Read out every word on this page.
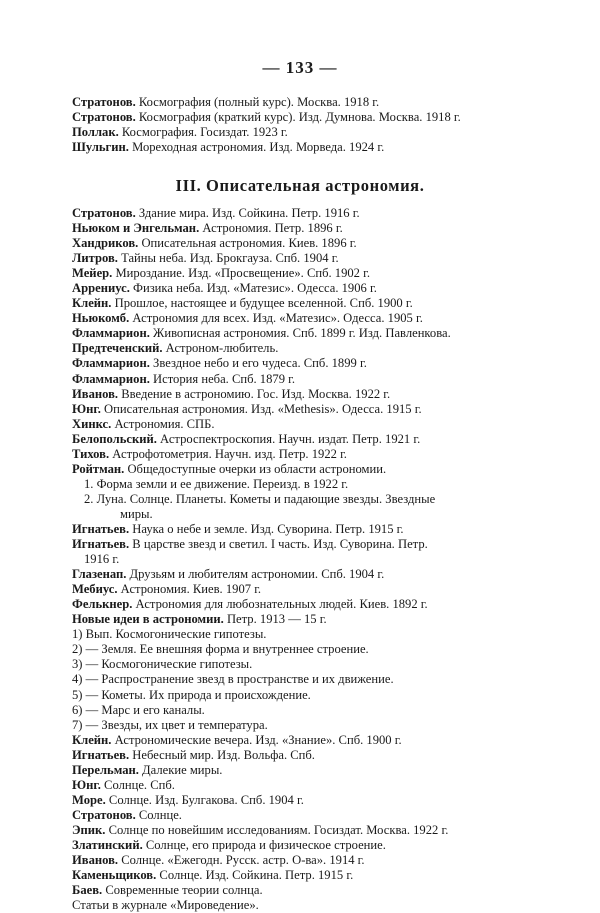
— 133 —
Стратонов. Космография (полный курс). Москва. 1918 г.
Стратонов. Космография (краткий курс). Изд. Думнова. Москва. 1918 г.
Поллак. Космография. Госиздат. 1923 г.
Шульгин. Мореходная астрономия. Изд. Морведа. 1924 г.
III. Описательная астрономия.
Стратонов. Здание мира. Изд. Сойкина. Петр. 1916 г.
Ньюком и Энгельман. Астрономия. Петр. 1896 г.
Хандриков. Описательная астрономия. Киев. 1896 г.
Литров. Тайны неба. Изд. Брокгауза. Спб. 1904 г.
Мейер. Мироздание. Изд. «Просвещение». Спб. 1902 г.
Аррениус. Физика неба. Изд. «Матезис». Одесса. 1906 г.
Клейн. Прошлое, настоящее и будущее вселенной. Спб. 1900 г.
Ньюкомб. Астрономия для всех. Изд. «Матезис». Одесса. 1905 г.
Фламмарион. Живописная астрономия. Спб. 1899 г. Изд. Павленкова.
Предтеченский. Астроном-любитель.
Фламмарион. Звездное небо и его чудеса. Спб. 1899 г.
Фламмарион. История неба. Спб. 1879 г.
Иванов. Введение в астрономию. Гос. Изд. Москва. 1922 г.
Юнг. Описательная астрономия. Изд. «Methesis». Одесса. 1915 г.
Хинкс. Астрономия. СПБ.
Белопольский. Астроспектроскопия. Научн. издат. Петр. 1921 г.
Тихов. Астрофотометрия. Научн. изд. Петр. 1922 г.
Ройтман. Общедоступные очерки из области астрономии.
1. Форма земли и ее движение. Переизд. в 1922 г.
2. Луна. Солнце. Планеты. Кометы и падающие звезды. Звездные
миры.
Игнатьев. Наука о небе и земле. Изд. Суворина. Петр. 1915 г.
Игнатьев. В царстве звезд и светил. I часть. Изд. Суворина. Петр.
1916 г.
Глазенап. Друзьям и любителям астрономии. Спб. 1904 г.
Мебиус. Астрономия. Киев. 1907 г.
Фелькнер. Астрономия для любознательных людей. Киев. 1892 г.
Новые идеи в астрономии. Петр. 1913 — 15 г.
1) Вып. Космогонические гипотезы.
2) — Земля. Ее внешняя форма и внутреннее строение.
3) — Космогонические гипотезы.
4) — Распространение звезд в пространстве и их движение.
5) — Кометы. Их природа и происхождение.
6) — Марс и его каналы.
7) — Звезды, их цвет и температура.
Клейн. Астрономические вечера. Изд. «Знание». Спб. 1900 г.
Игнатьев. Небесный мир. Изд. Вольфа. Спб.
Перельман. Далекие миры.
Юнг. Солнце. Спб.
Море. Солнце. Изд. Булгакова. Спб. 1904 г.
Стратонов. Солнце.
Эпик. Солнце по новейшим исследованиям. Госиздат. Москва. 1922 г.
Златинский. Солнце, его природа и физическое строение.
Иванов. Солнце. «Ежегодн. Русск. астр. О-ва». 1914 г.
Каменьщиков. Солнце. Изд. Сойкина. Петр. 1915 г.
Баев. Современные теории солнца.
Статьи в журнале «Мироведение».
